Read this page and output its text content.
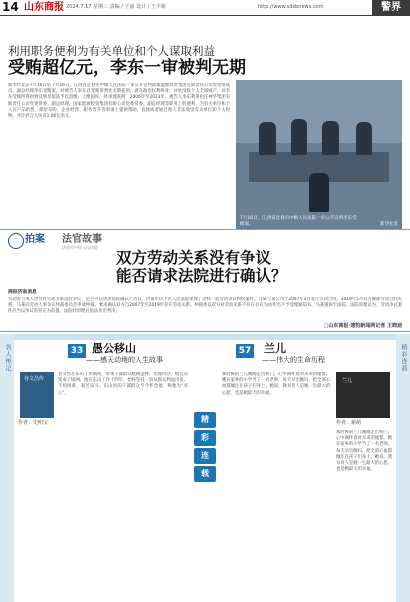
14 山东商报 2024.7.17 星期三 责编 / 王丽 设计 / 王丰新	http://www.sdsbnews.com	警界
利用职务便利为有关单位和个人谋取利益
受贿超亿元，李东一审被判无期
新华社北京7月16日电 7月16日，江西省宜春市中级人民法院一审公开宣判国家能源投资集团有限责任公司原党组成员、副总经理李东受贿案，对被告人李东以受贿罪判处无期徒刑，剥夺政治权利终身，并处没收个人全部财产，对李东受贿所得财物及孳息依法予以追缴，上缴国库。经审理查明：2006年至2023年，被告人李东利用担任神华集团有限责任公司党委常委、副总经理，国家能源投资集团有限公司党委常委、副总经理等职务上的便利，为有关单位和个人在产品销售、煤炭采购、企业经营、职务晋升等事项上提供帮助，直接或者通过他人非法收受有关单位和个人财物，共计折合人民币1.06亿余元。
7月16日，江西省宜春市中级人民法院一审公开宣判李东受贿案。	新华社发
拍案 法官故事
济南市中级人民法院
双方劳动关系没有争议
能否请求法院进行确认？
商报济南消息
劳动者与用人单位对劳动关系没有争议，是否可以请求法院确认？近日，济南市历下区人民法院审理了这样一起劳动争议纠纷案件。马某与某公司于2007年3月签订劳动合同，2019年5月双方解除劳动合同关系。马某向劳动人事争议仲裁委员会申请仲裁，要求确认双方自2007年至2019年存在劳动关系。仲裁委以双方对劳动关系不存在争议为由作出不予受理通知书。马某遂诉至法院。法院审理认为，劳动争议案件应当以争议的存在为前提。法院经审理后依法作出判决。
□山东商报·速豹新闻网记者 王晓迪
名人传记	精彩连载
33 愚公移山
——感天动地的人生故事
谷文昌传
作者：史明宝
谷文昌在东山工作期间，带领干部群众植树造林，治理风沙，使荒岛变成了绿洲。他在东山工作十四年，始终坚持一切从群众利益出发，不怕困难，艰苦奋斗。东山县的干部群众至今怀念他，称他为“谷公”。
精
彩
连
载
57 兰儿
——伟大的生命历程
那时候的兰儿刚刚走出校门，心中满怀着对未来的憧憬。她在家乡的小学当了一名老师，每天早出晚归，把全部心血都倾注在孩子们身上。她说，教书育人是她一生最大的心愿，也是她最大的幸福。
兰儿
作者：新萌
那时候的兰儿刚刚走出校门，心中满怀着对未来的憧憬。她在家乡的小学当了一名老师，每天早出晚归，把全部心血都倾注在孩子们身上。她说，教书育人是她一生最大的心愿，也是她最大的幸福。
